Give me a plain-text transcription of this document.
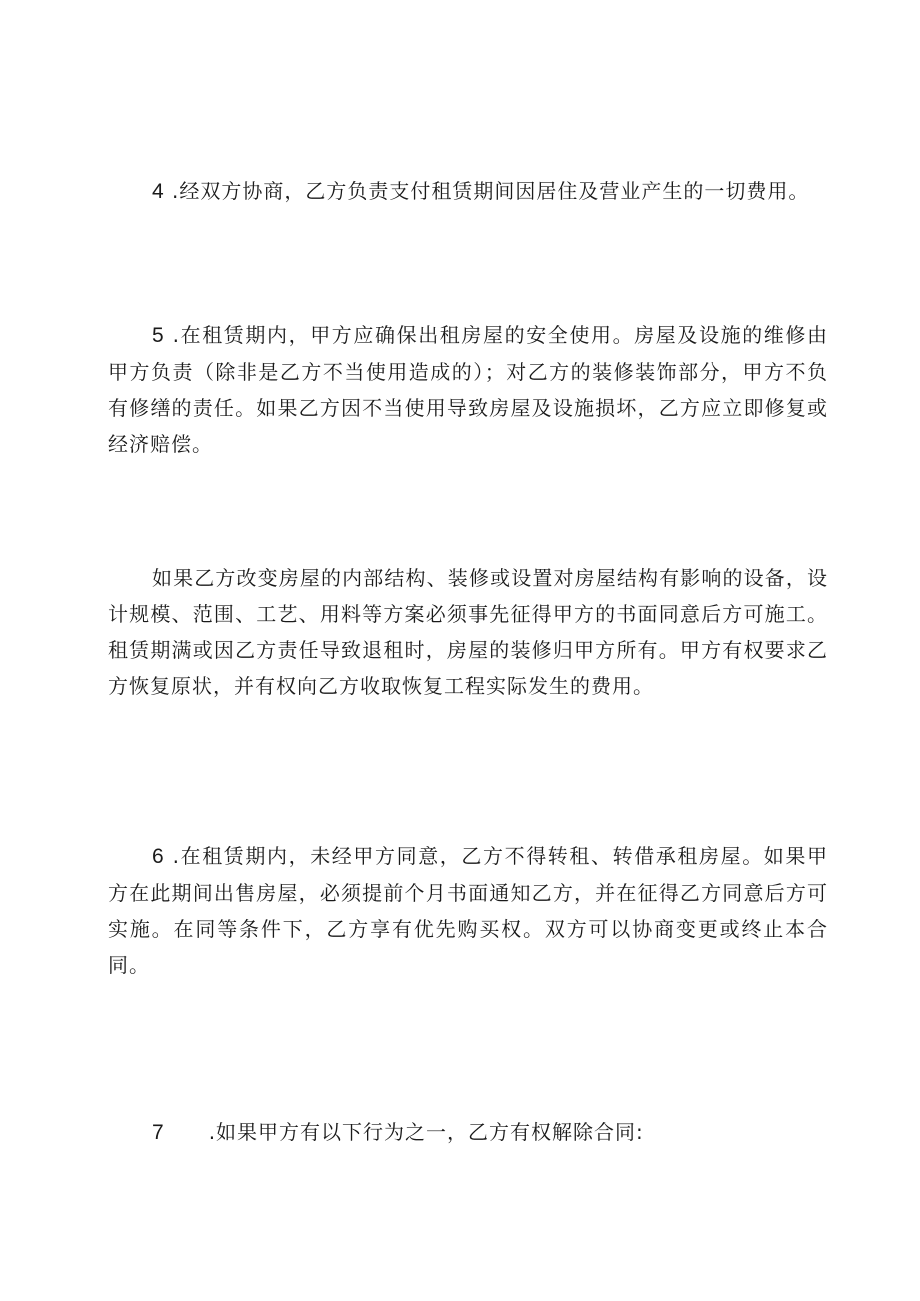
4 .经双方协商，乙方负责支付租赁期间因居住及营业产生的一切费用。

5 .在租赁期内，甲方应确保出租房屋的安全使用。房屋及设施的维修由甲方负责（除非是乙方不当使用造成的）；对乙方的装修装饰部分，甲方不负有修缮的责任。如果乙方因不当使用导致房屋及设施损坏，乙方应立即修复或经济赔偿。

如果乙方改变房屋的内部结构、装修或设置对房屋结构有影响的设备，设计规模、范围、工艺、用料等方案必须事先征得甲方的书面同意后方可施工。租赁期满或因乙方责任导致退租时，房屋的装修归甲方所有。甲方有权要求乙方恢复原状，并有权向乙方收取恢复工程实际发生的费用。

6 .在租赁期内，未经甲方同意，乙方不得转租、转借承租房屋。如果甲方在此期间出售房屋，必须提前个月书面通知乙方，并在征得乙方同意后方可实施。在同等条件下，乙方享有优先购买权。双方可以协商变更或终止本合同。

7 .如果甲方有以下行为之一，乙方有权解除合同:
